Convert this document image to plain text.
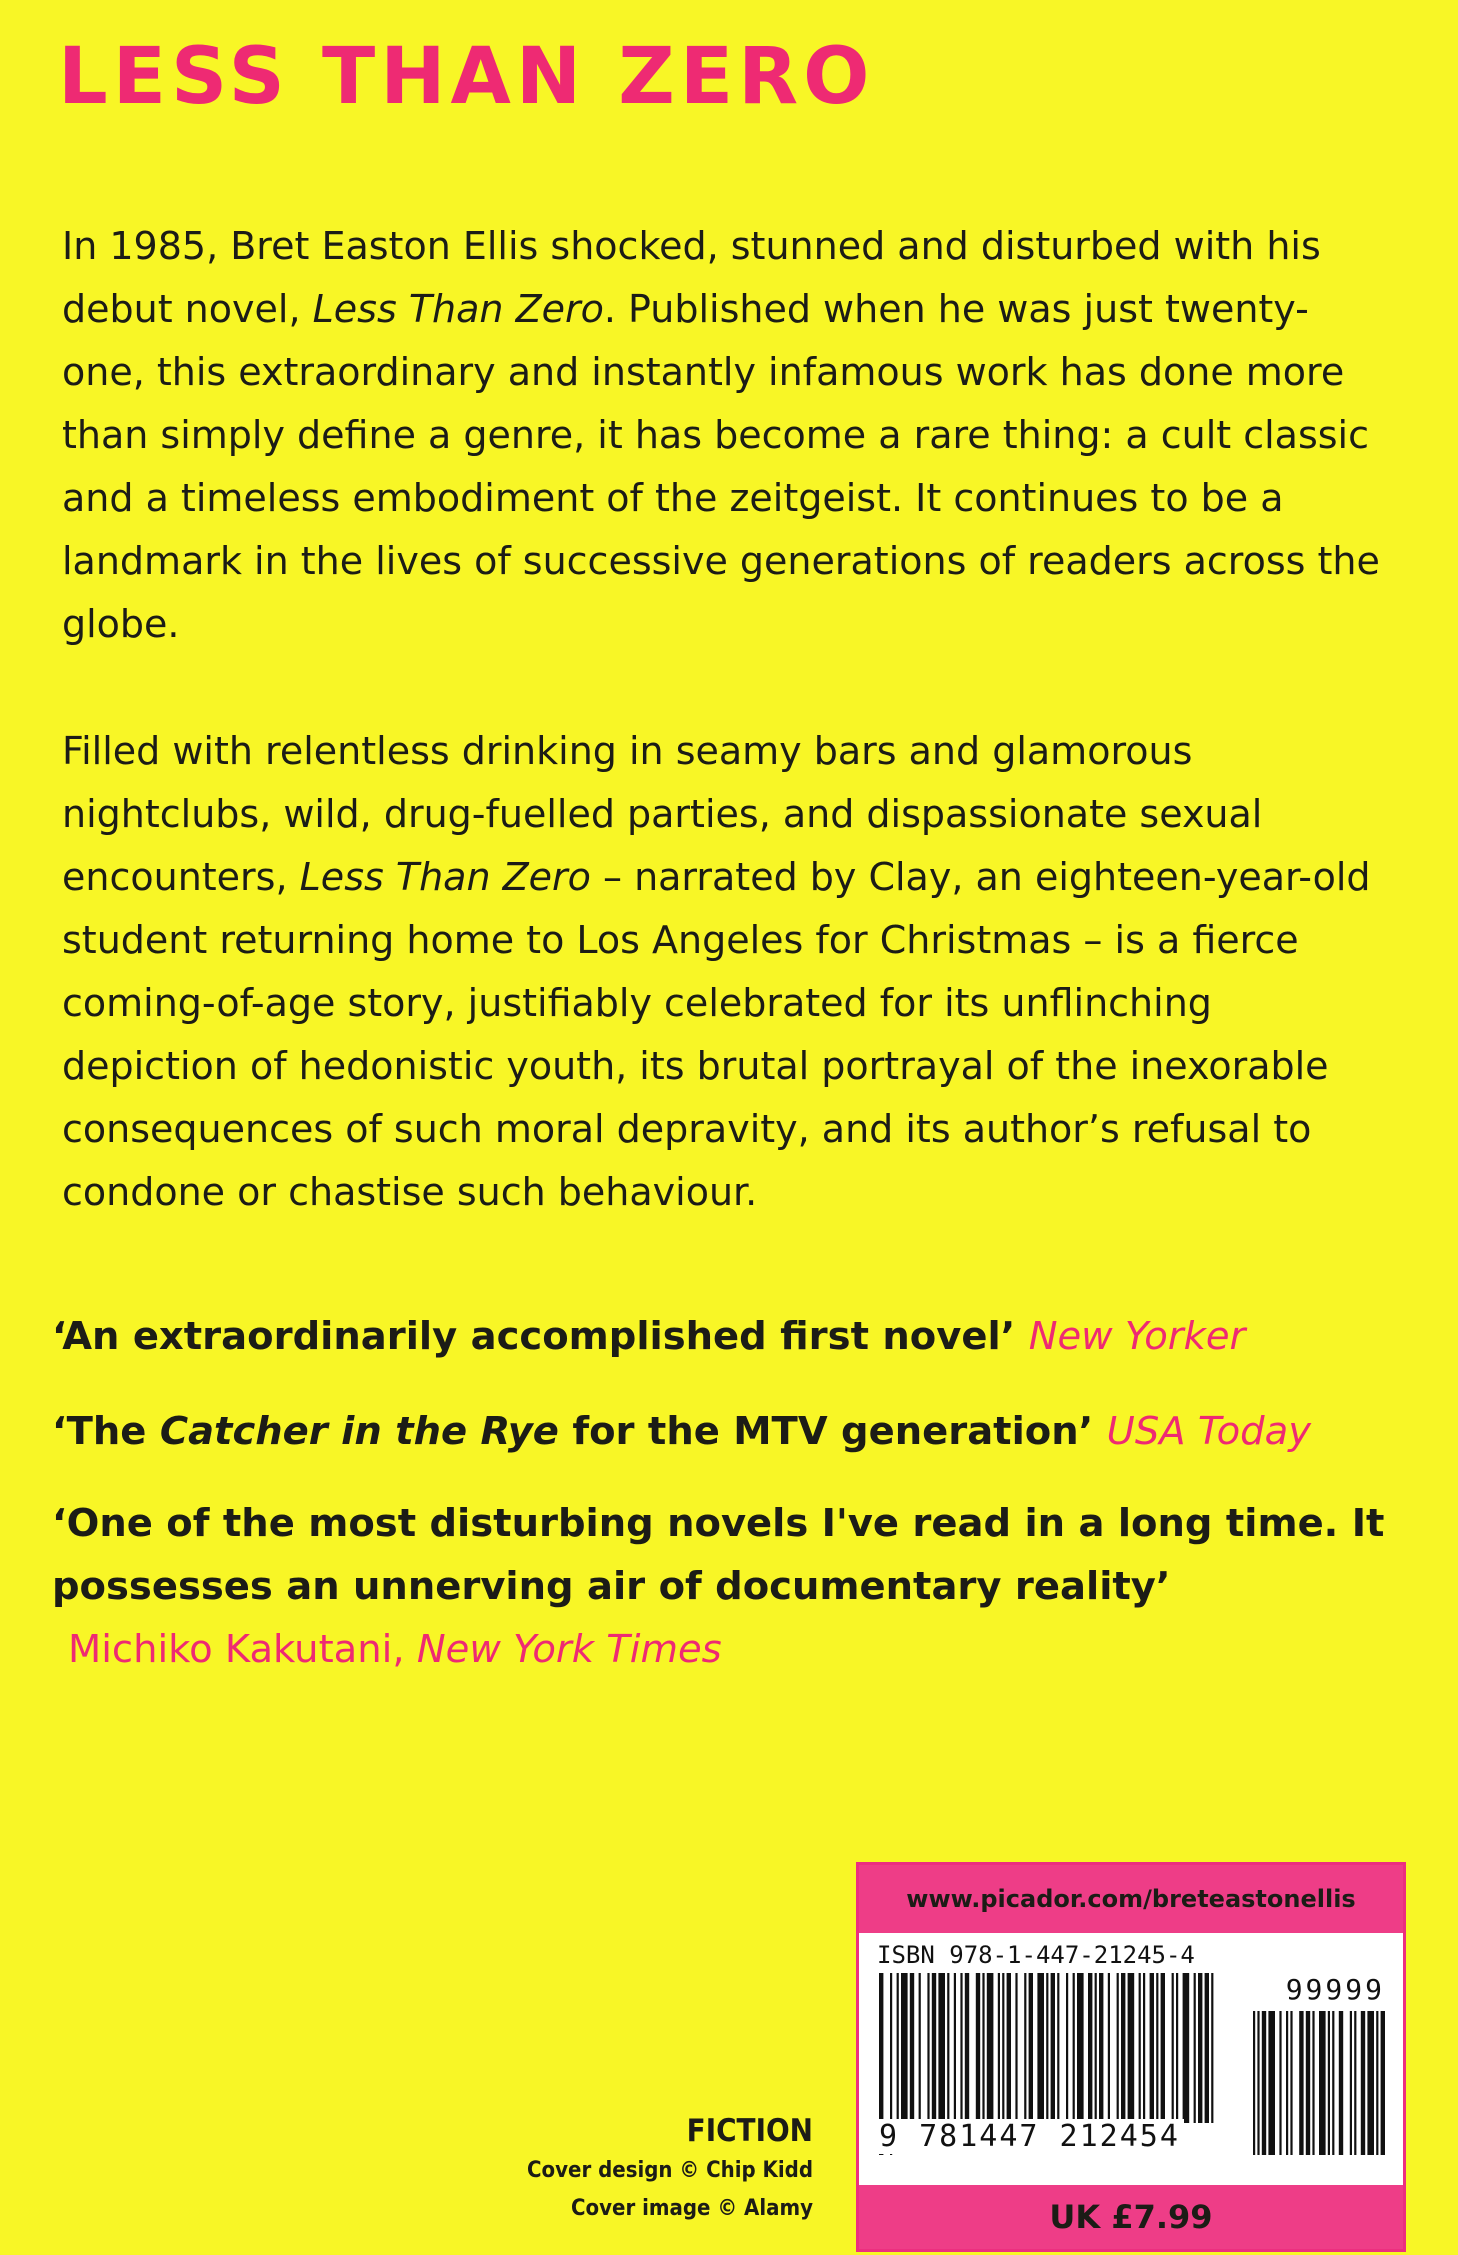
LESS THAN ZERO

In 1985, Bret Easton Ellis shocked, stunned and disturbed with his debut novel, Less Than Zero. Published when he was just twenty-one, this extraordinary and instantly infamous work has done more than simply define a genre, it has become a rare thing: a cult classic and a timeless embodiment of the zeitgeist. It continues to be a landmark in the lives of successive generations of readers across the globe.

Filled with relentless drinking in seamy bars and glamorous nightclubs, wild, drug-fuelled parties, and dispassionate sexual encounters, Less Than Zero – narrated by Clay, an eighteen-year-old student returning home to Los Angeles for Christmas – is a fierce coming-of-age story, justifiably celebrated for its unflinching depiction of hedonistic youth, its brutal portrayal of the inexorable consequences of such moral depravity, and its author’s refusal to condone or chastise such behaviour.

‘An extraordinarily accomplished first novel’ New Yorker

‘The Catcher in the Rye for the MTV generation’ USA Today

‘One of the most disturbing novels I've read in a long time. It possesses an unnerving air of documentary reality’
Michiko Kakutani, New York Times

FICTION
Cover design © Chip Kidd
Cover image © Alamy
www.picador.com/breteastonellis
ISBN 978-1-447-21245-4
99999
9 781447 212454
UK £7.99
